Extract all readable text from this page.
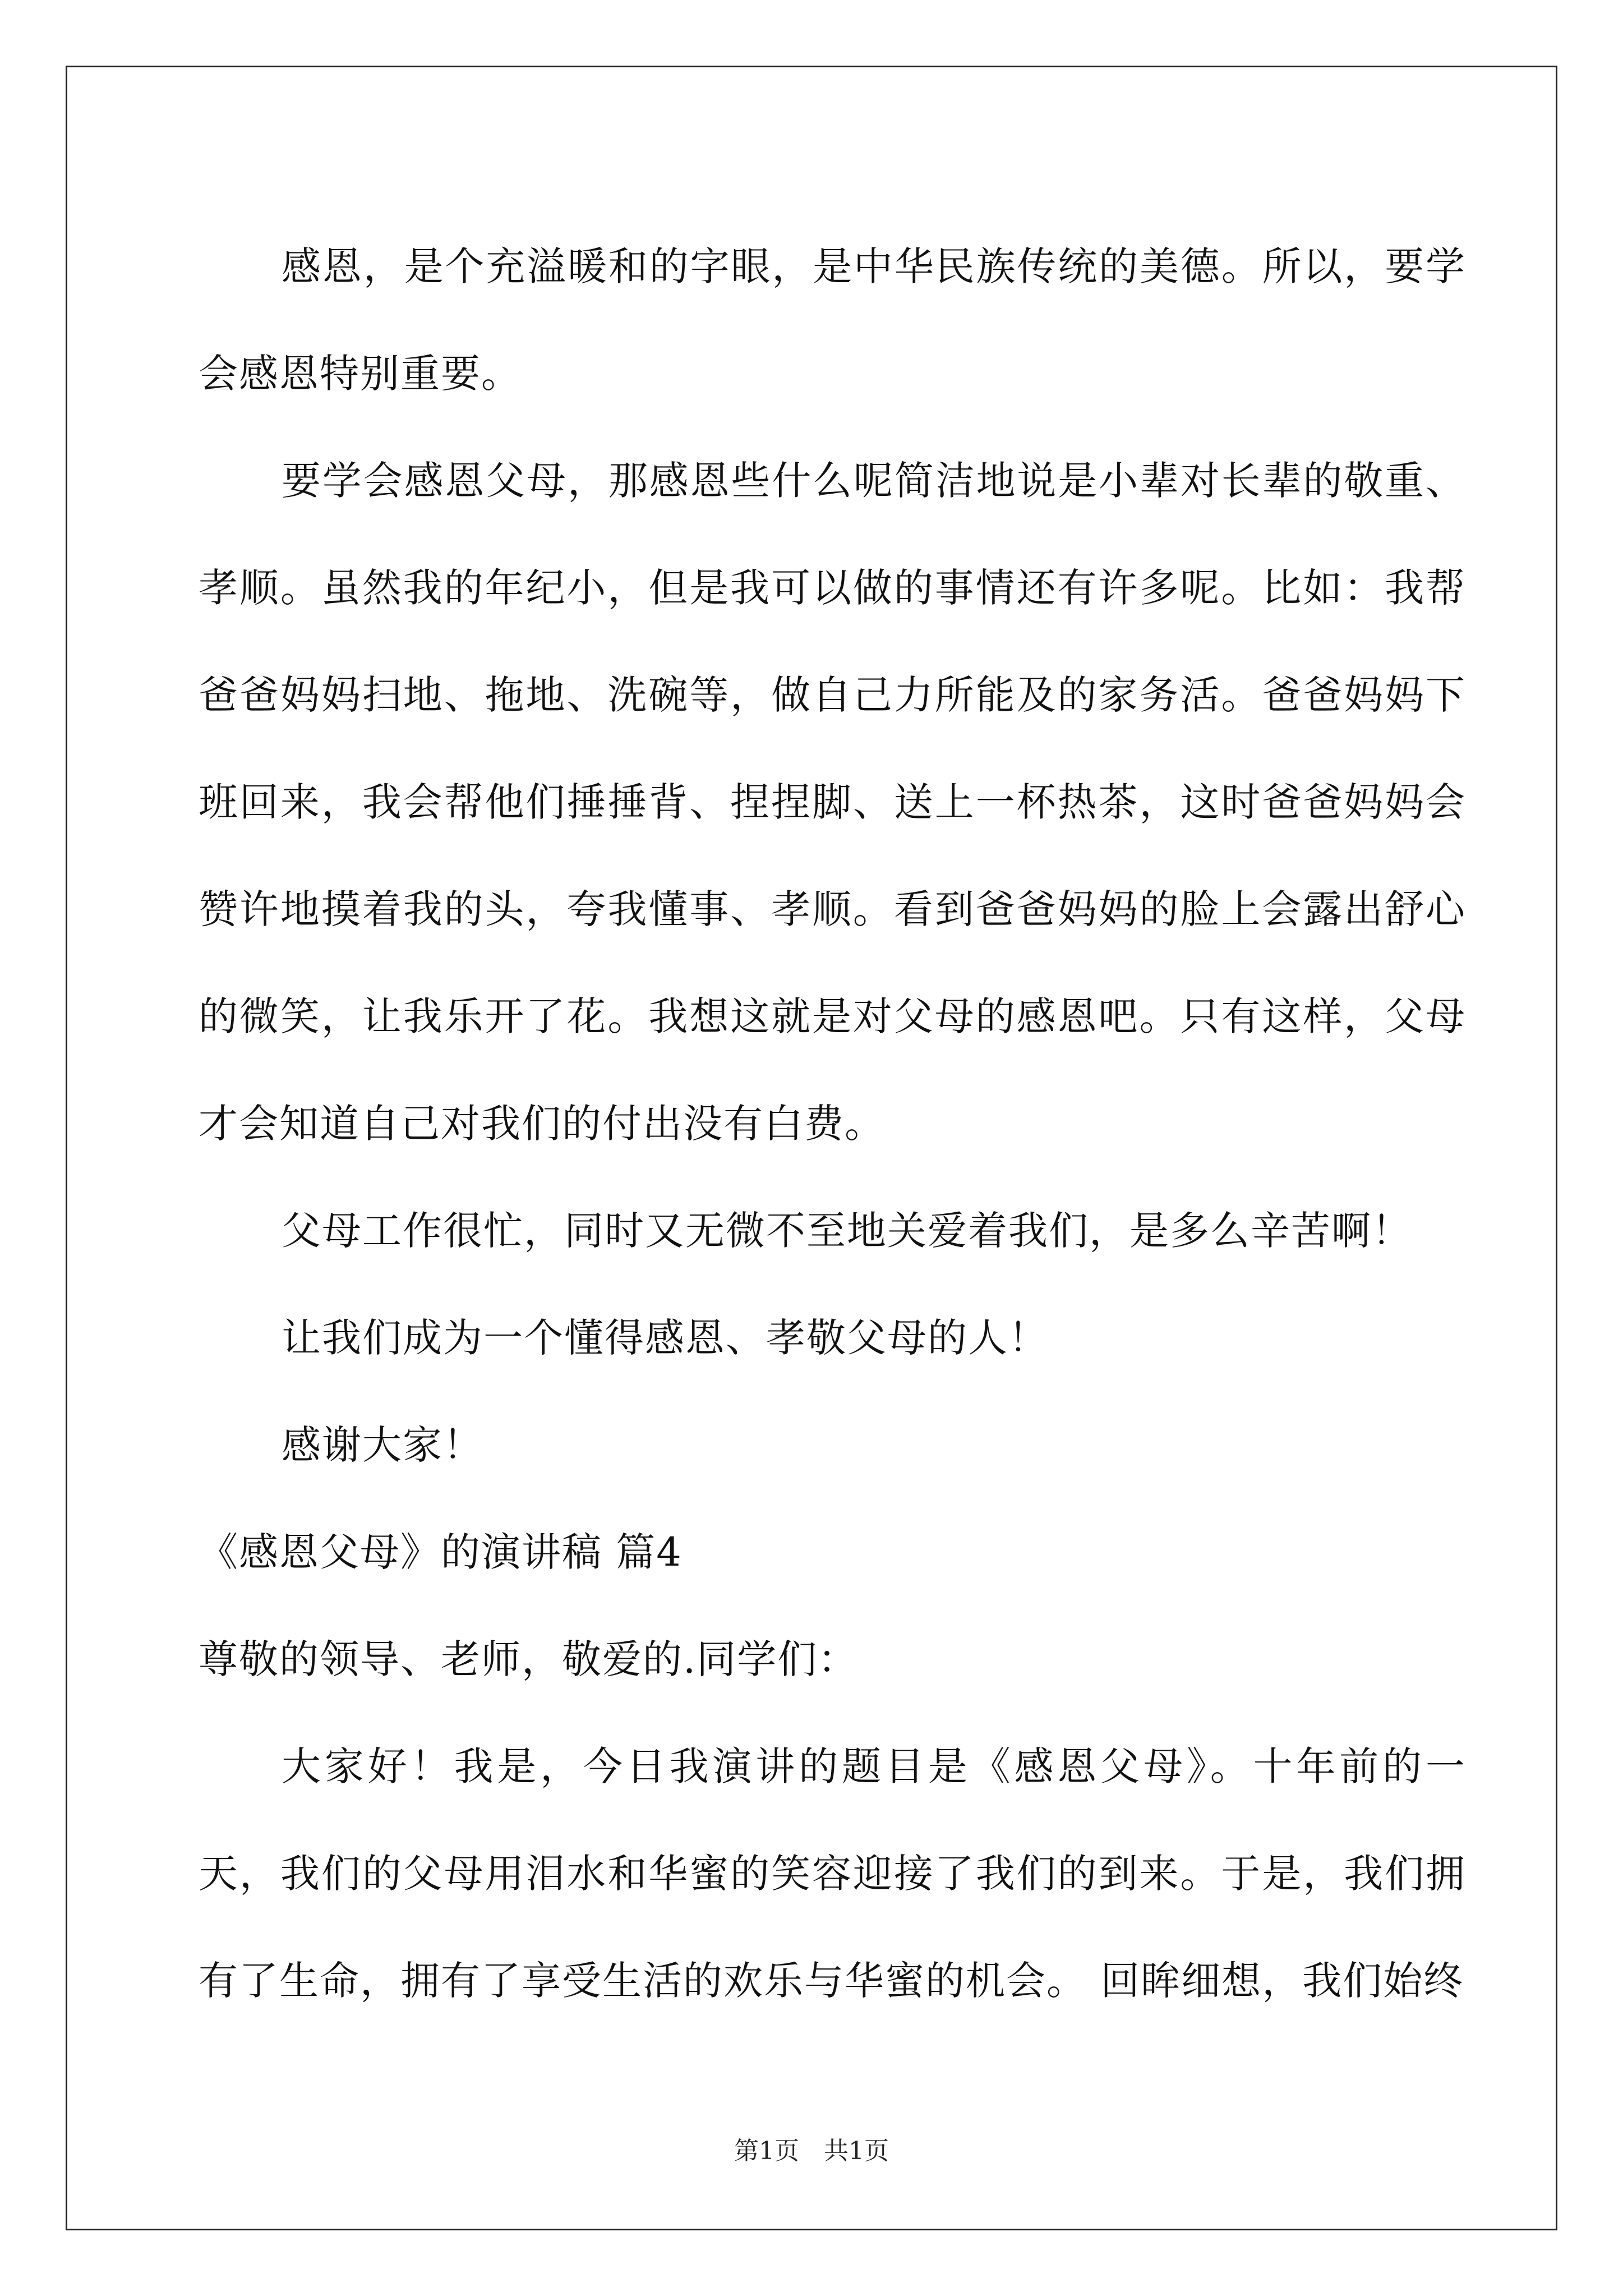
感恩，是个充溢暖和的字眼，是中华民族传统的美德。所以，要学会感恩特别重要。

要学会感恩父母，那感恩些什么呢简洁地说是小辈对长辈的敬重、孝顺。虽然我的年纪小，但是我可以做的事情还有许多呢。比如：我帮爸爸妈妈扫地、拖地、洗碗等，做自己力所能及的家务活。爸爸妈妈下班回来，我会帮他们捶捶背、捏捏脚、送上一杯热茶，这时爸爸妈妈会赞许地摸着我的头，夸我懂事、孝顺。看到爸爸妈妈的脸上会露出舒心的微笑，让我乐开了花。我想这就是对父母的感恩吧。只有这样，父母才会知道自己对我们的付出没有白费。

父母工作很忙，同时又无微不至地关爱着我们，是多么辛苦啊！

让我们成为一个懂得感恩、孝敬父母的人！

感谢大家！

《感恩父母》的演讲稿 篇4

尊敬的领导、老师，敬爱的.同学们：

大家好！我是，今日我演讲的题目是《感恩父母》。十年前的一天，我们的父母用泪水和华蜜的笑容迎接了我们的到来。于是，我们拥有了生命，拥有了享受生活的欢乐与华蜜的机会。 回眸细想，我们始终

第1页　共1页
